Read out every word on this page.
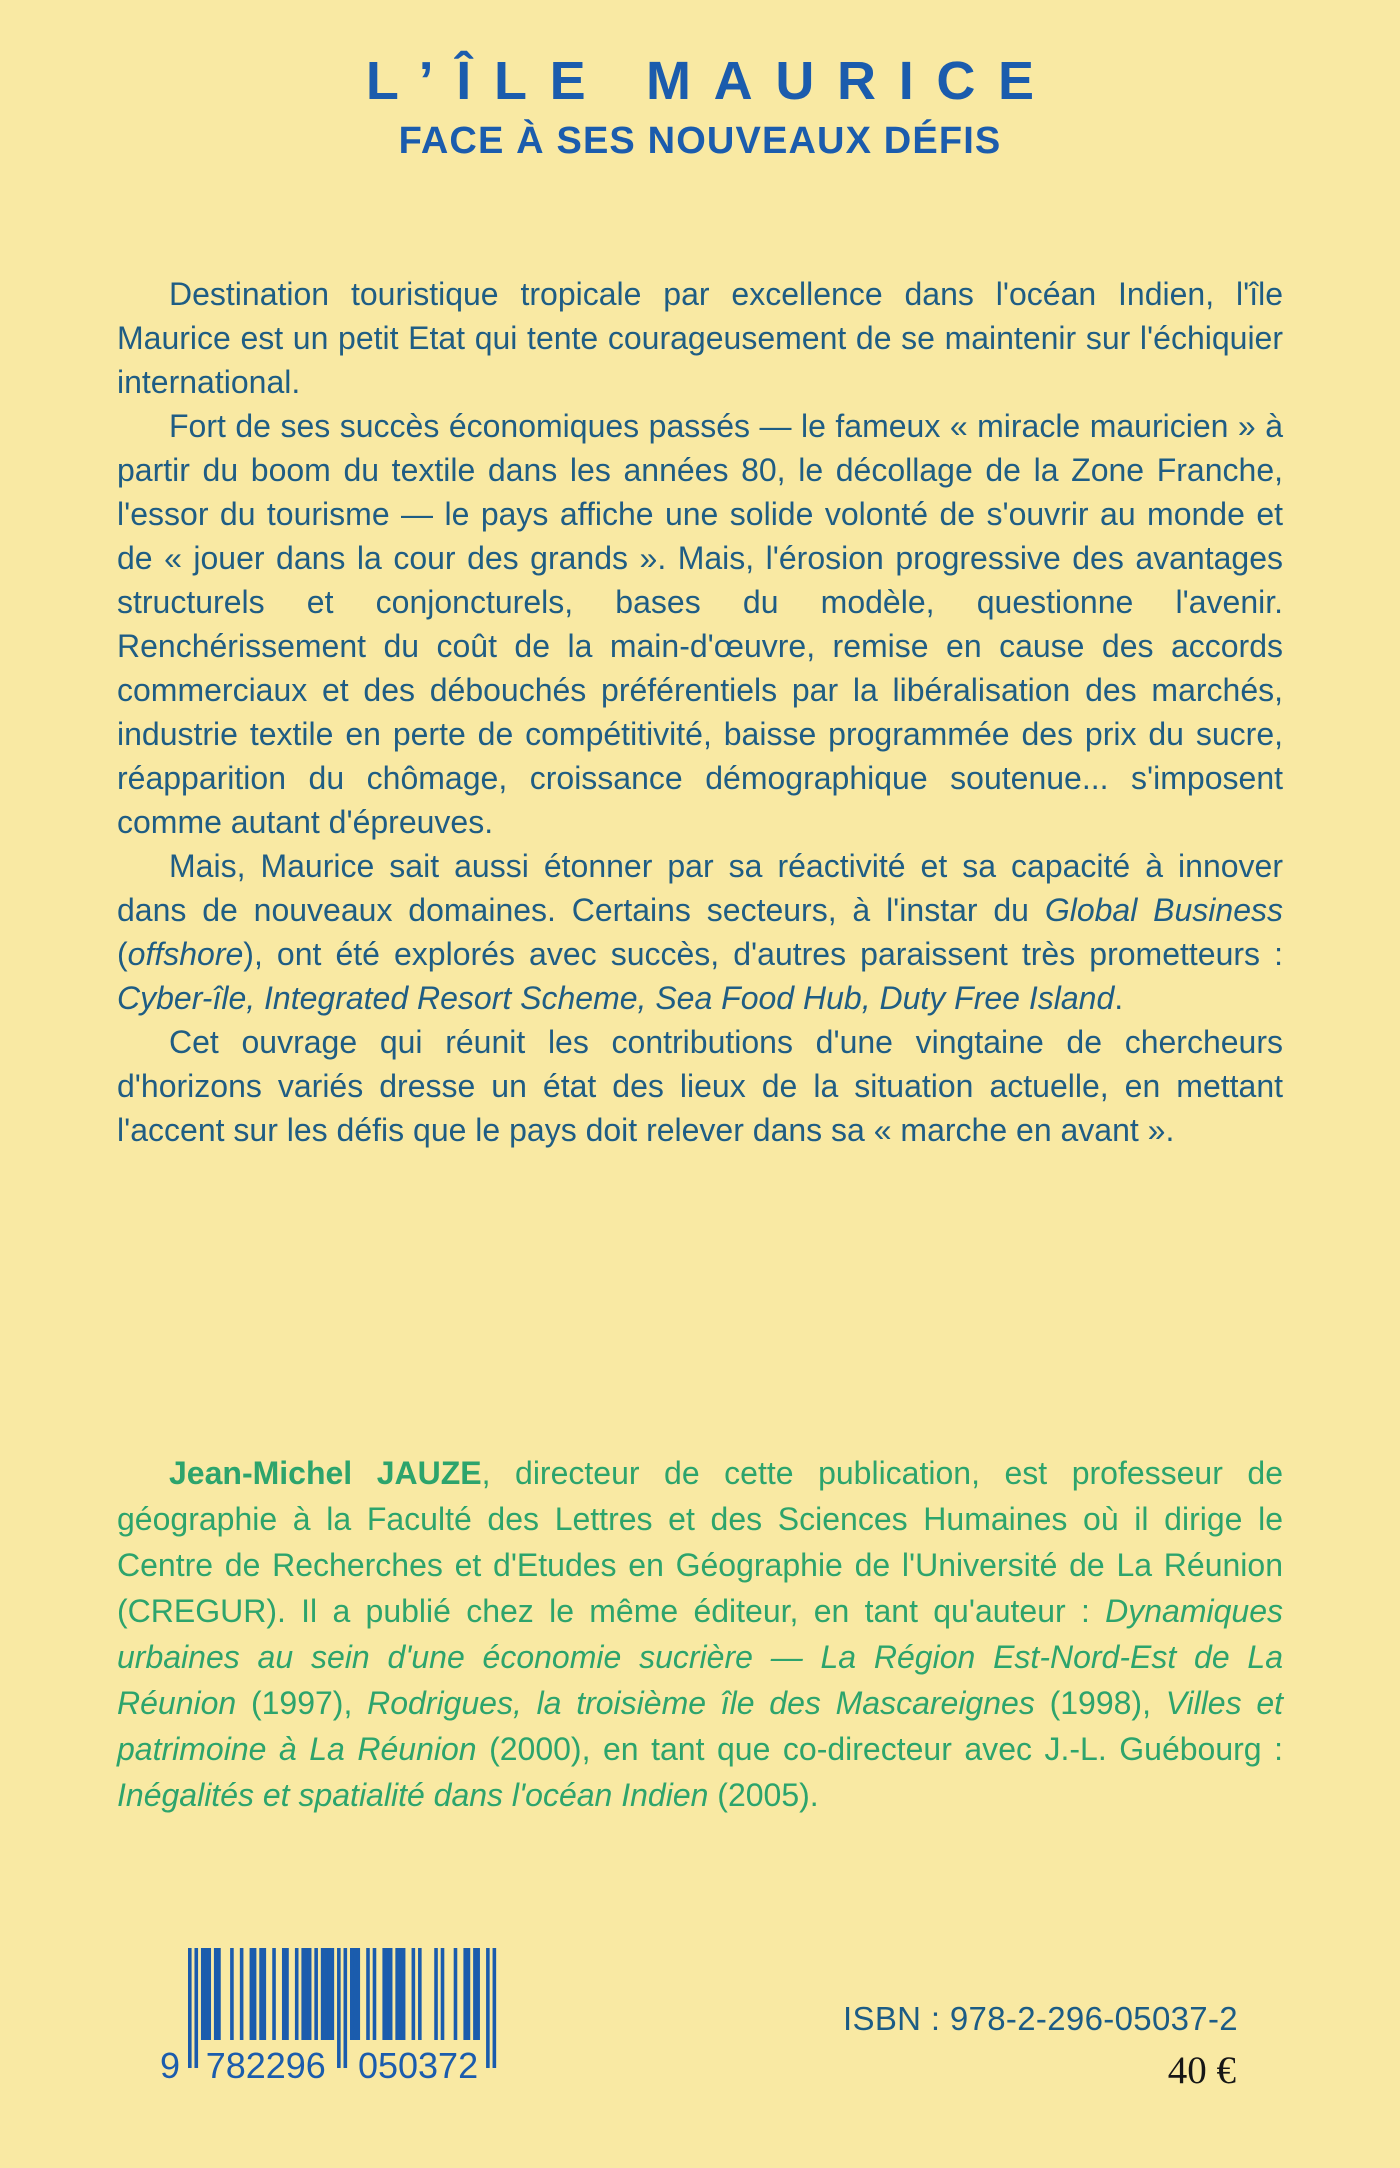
L’ÎLE MAURICE
FACE À SES NOUVEAUX DÉFIS

Destination touristique tropicale par excellence dans l'océan Indien, l'île Maurice est un petit Etat qui tente courageusement de se maintenir sur l'échiquier international.

Fort de ses succès économiques passés — le fameux « miracle mauricien » à partir du boom du textile dans les années 80, le décollage de la Zone Franche, l'essor du tourisme — le pays affiche une solide volonté de s'ouvrir au monde et de « jouer dans la cour des grands ». Mais, l'érosion progressive des avantages structurels et conjoncturels, bases du modèle, questionne l'avenir. Renchérissement du coût de la main-d'œuvre, remise en cause des accords commerciaux et des débouchés préférentiels par la libéralisation des marchés, industrie textile en perte de compétitivité, baisse programmée des prix du sucre, réapparition du chômage, croissance démographique soutenue... s'imposent comme autant d'épreuves.

Mais, Maurice sait aussi étonner par sa réactivité et sa capacité à innover dans de nouveaux domaines. Certains secteurs, à l'instar du Global Business (offshore), ont été explorés avec succès, d'autres paraissent très prometteurs : Cyber-île, Integrated Resort Scheme, Sea Food Hub, Duty Free Island.

Cet ouvrage qui réunit les contributions d'une vingtaine de chercheurs d'horizons variés dresse un état des lieux de la situation actuelle, en mettant l'accent sur les défis que le pays doit relever dans sa « marche en avant ».

Jean-Michel JAUZE, directeur de cette publication, est professeur de géographie à la Faculté des Lettres et des Sciences Humaines où il dirige le Centre de Recherches et d'Etudes en Géographie de l'Université de La Réunion (CREGUR). Il a publié chez le même éditeur, en tant qu'auteur : Dynamiques urbaines au sein d'une économie sucrière — La Région Est-Nord-Est de La Réunion (1997), Rodrigues, la troisième île des Mascareignes (1998), Villes et patrimoine à La Réunion (2000), en tant que co-directeur avec J.-L. Guébourg : Inégalités et spatialité dans l'océan Indien (2005).

9 782296 050372
ISBN : 978-2-296-05037-2
40 €
